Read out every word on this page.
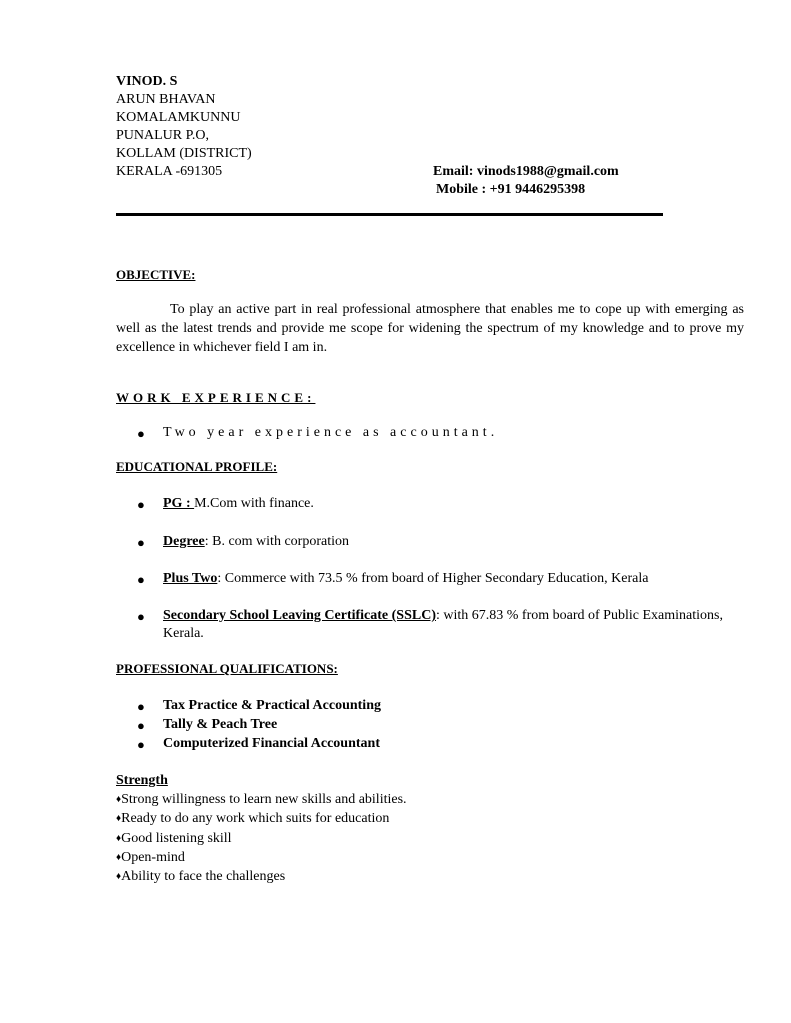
VINOD. S
ARUN BHAVAN
KOMALAMKUNNU
PUNALUR P.O,
KOLLAM (DISTRICT)
KERALA -691305	Email: vinods1988@gmail.com
Mobile : +91 9446295398
OBJECTIVE:
To play an active part in real professional atmosphere that enables me to cope up with emerging as well as the latest trends and provide me scope for widening the spectrum of my knowledge and to prove my excellence in whichever field I am in.
WORK EXPERIENCE:
● Two year experience as accountant.
EDUCATIONAL PROFILE:
● PG : M.Com with finance.
● Degree: B. com with corporation
● Plus Two: Commerce with 73.5 % from board of Higher Secondary Education, Kerala
● Secondary School Leaving Certificate (SSLC): with 67.83 % from board of Public Examinations, Kerala.
PROFESSIONAL QUALIFICATIONS:
● Tax Practice & Practical Accounting
● Tally & Peach Tree
● Computerized Financial Accountant
Strength
♦Strong willingness to learn new skills and abilities.
♦Ready to do any work which suits for education
♦Good listening skill
♦Open-mind
♦Ability to face the challenges
